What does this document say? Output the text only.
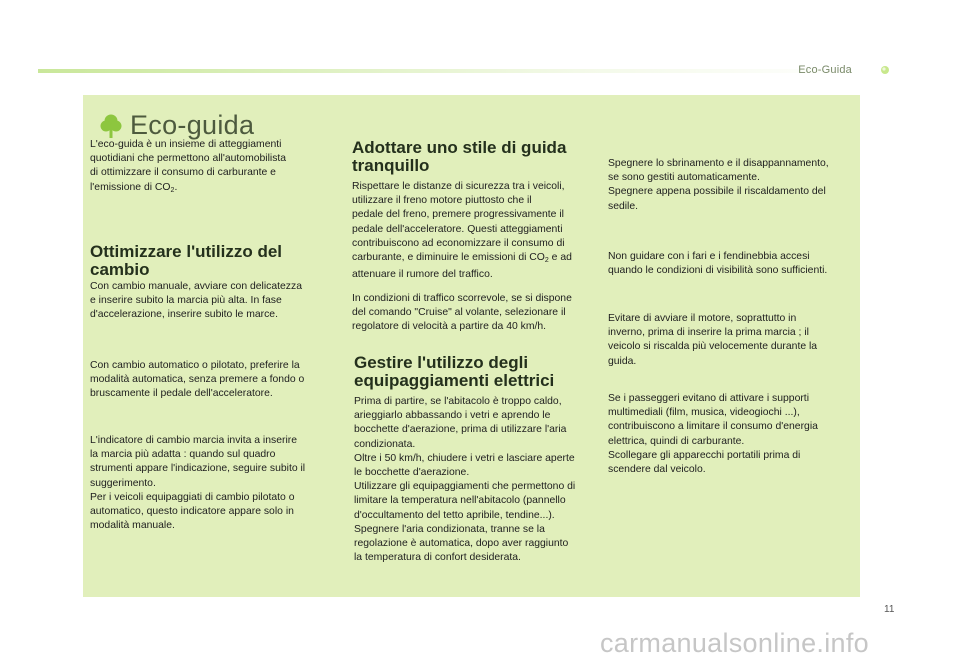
Eco-Guida
Eco-guida
L'eco-guida è un insieme di atteggiamenti
quotidiani che permettono all'automobilista
di ottimizzare il consumo di carburante e
l'emissione di $CO_2$.
Ottimizzare l'utilizzo del
cambio
Con cambio manuale, avviare con delicatezza
e inserire subito la marcia più alta. In fase
d'accelerazione, inserire subito le marce.
Con cambio automatico o pilotato, preferire la
modalità automatica, senza premere a fondo o
bruscamente il pedale dell'acceleratore.
L'indicatore di cambio marcia invita a inserire
la marcia più adatta : quando sul quadro
strumenti appare l'indicazione, seguire subito il
suggerimento.
Per i veicoli equipaggiati di cambio pilotato o
automatico, questo indicatore appare solo in
modalità manuale.
Adottare uno stile di guida
tranquillo
Rispettare le distanze di sicurezza tra i veicoli,
utilizzare il freno motore piuttosto che il
pedale del freno, premere progressivamente il
pedale dell'acceleratore. Questi atteggiamenti
contribuiscono ad economizzare il consumo di
carburante, e diminuire le emissioni di $CO_2$ e ad
attenuare il rumore del traffico.
In condizioni di traffico scorrevole, se si dispone
del comando "Cruise" al volante, selezionare il
regolatore di velocità a partire da 40 km/h.
Gestire l'utilizzo degli
equipaggiamenti elettrici
Prima di partire, se l'abitacolo è troppo caldo,
arieggiarlo abbassando i vetri e aprendo le
bocchette d'aerazione, prima di utilizzare l'aria
condizionata.
Oltre i 50 km/h, chiudere i vetri e lasciare aperte
le bocchette d'aerazione.
Utilizzare gli equipaggiamenti che permettono di
limitare la temperatura nell'abitacolo (pannello
d'occultamento del tetto apribile, tendine...).
Spegnere l'aria condizionata, tranne se la
regolazione è automatica, dopo aver raggiunto
la temperatura di confort desiderata.
Spegnere lo sbrinamento e il disappannamento,
se sono gestiti automaticamente.
Spegnere appena possibile il riscaldamento del
sedile.
Non guidare con i fari e i fendinebbia accesi
quando le condizioni di visibilità sono sufficienti.
Evitare di avviare il motore, soprattutto in
inverno, prima di inserire la prima marcia ; il
veicolo si riscalda più velocemente durante la
guida.
Se i passeggeri evitano di attivare i supporti
multimediali (film, musica, videogiochi ...),
contribuiscono a limitare il consumo d'energia
elettrica, quindi di carburante.
Scollegare gli apparecchi portatili prima di
scendere dal veicolo.
11
carmanualsonline.info
